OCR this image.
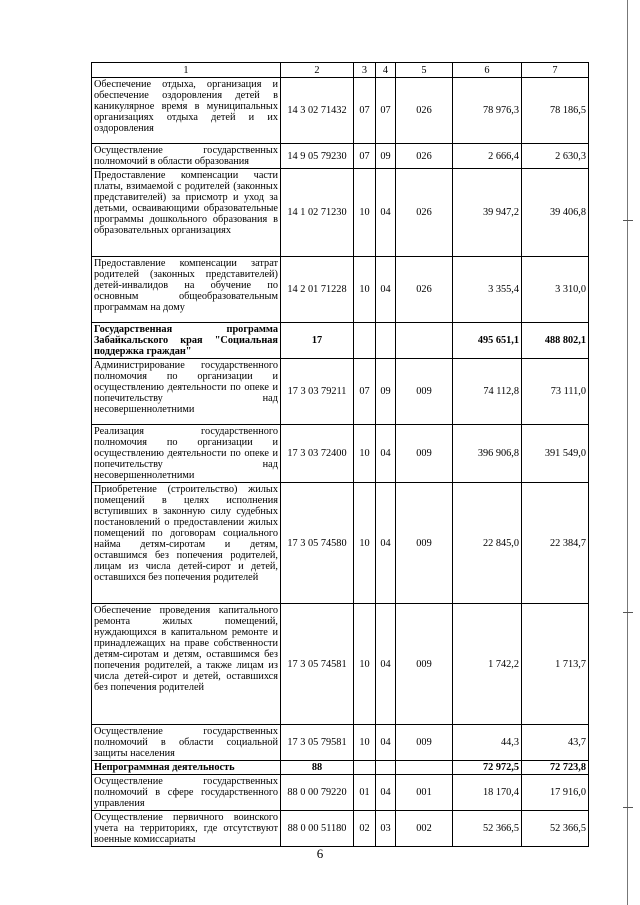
1	2	3	4	5	6	7
Обеспечение отдыха, организация и обеспечение оздоровления детей в каникулярное время в муниципальных организациях отдыха детей и их оздоровления	14 3 02 71432	07	07	026	78 976,3	78 186,5
Осуществление государственных полномочий в области образования	14 9 05 79230	07	09	026	2 666,4	2 630,3
Предоставление компенсации части платы, взимаемой с родителей (законных представителей) за присмотр и уход за детьми, осваивающими образовательные программы дошкольного образования в образовательных организациях	14 1 02 71230	10	04	026	39 947,2	39 406,8
Предоставление компенсации затрат родителей (законных представителей) детей-инвалидов на обучение по основным общеобразовательным программам на дому	14 2 01 71228	10	04	026	3 355,4	3 310,0
Государственная программа Забайкальского края "Социальная поддержка граждан"	17				495 651,1	488 802,1
Администрирование государственного полномочия по организации и осуществлению деятельности по опеке и попечительству над несовершеннолетними	17 3 03 79211	07	09	009	74 112,8	73 111,0
Реализация государственного полномочия по организации и осуществлению деятельности по опеке и попечительству над несовершеннолетними	17 3 03 72400	10	04	009	396 906,8	391 549,0
Приобретение (строительство) жилых помещений в целях исполнения вступивших в законную силу судебных постановлений о предоставлении жилых помещений по договорам социального найма детям-сиротам и детям, оставшимся без попечения родителей, лицам из числа детей-сирот и детей, оставшихся без попечения родителей	17 3 05 74580	10	04	009	22 845,0	22 384,7
Обеспечение проведения капитального ремонта жилых помещений, нуждающихся в капитальном ремонте и принадлежащих на праве собственности детям-сиротам и детям, оставшимся без попечения родителей, а также лицам из числа детей-сирот и детей, оставшихся без попечения родителей	17 3 05 74581	10	04	009	1 742,2	1 713,7
Осуществление государственных полномочий в области социальной защиты населения	17 3 05 79581	10	04	009	44,3	43,7
Непрограммная деятельность	88				72 972,5	72 723,8
Осуществление государственных полномочий в сфере государственного управления	88 0 00 79220	01	04	001	18 170,4	17 916,0
Осуществление первичного воинского учета на территориях, где отсутствуют военные комиссариаты	88 0 00 51180	02	03	002	52 366,5	52 366,5
6
